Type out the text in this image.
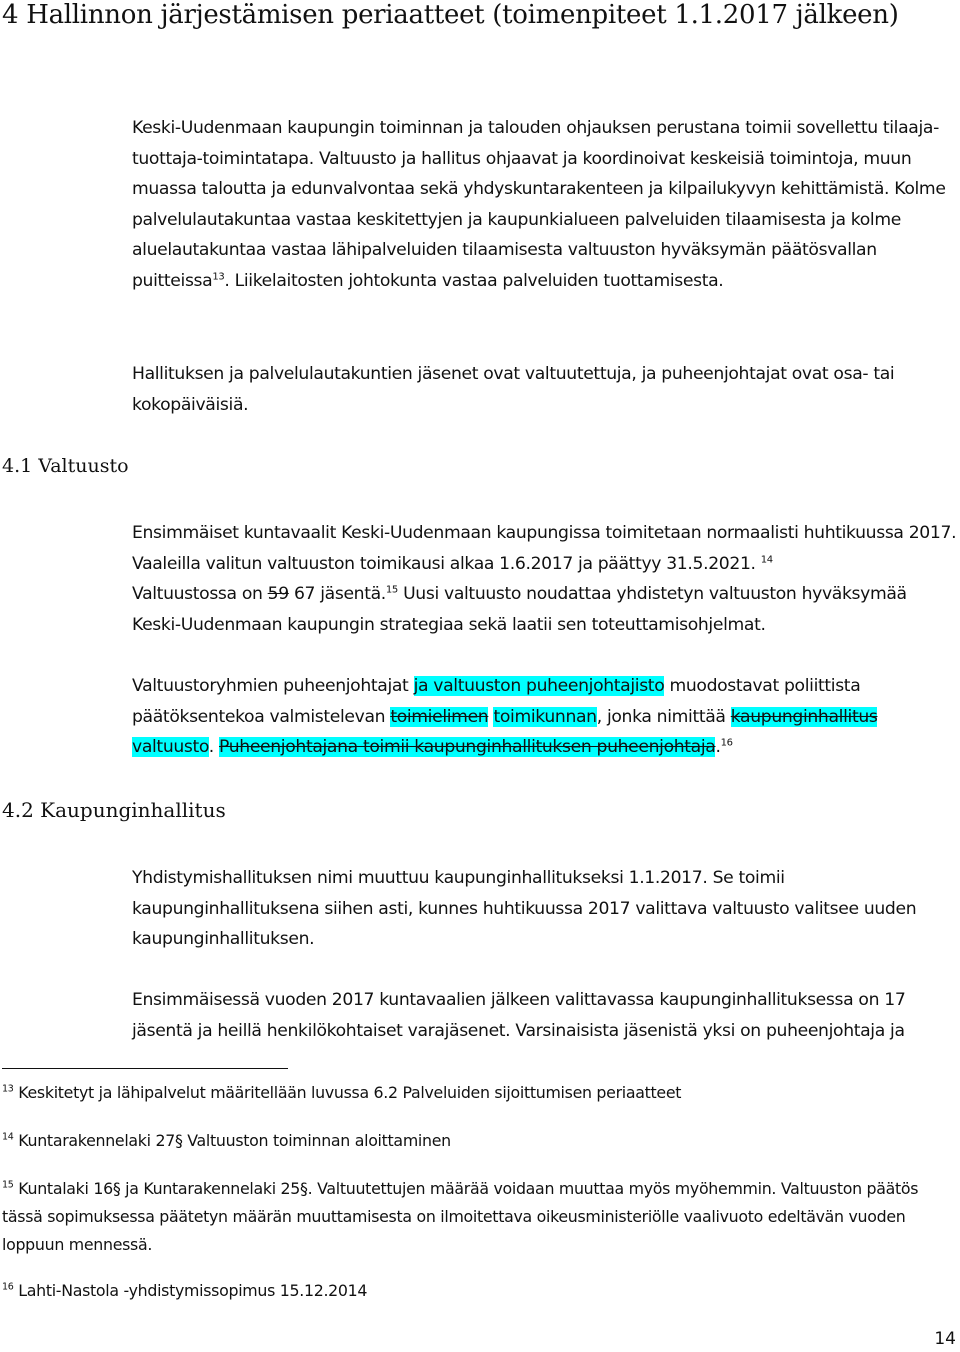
4 Hallinnon järjestämisen periaatteet (toimenpiteet 1.1.2017 jälkeen)

Keski-Uudenmaan kaupungin toiminnan ja talouden ohjauksen perustana toimii sovellettu tilaaja-tuottaja-toimintatapa. Valtuusto ja hallitus ohjaavat ja koordinoivat keskeisiä toimintoja, muun muassa taloutta ja edunvalvontaa sekä yhdyskuntarakenteen ja kilpailukyvyn kehittämistä. Kolme palvelulautakuntaa vastaa keskitettyjen ja kaupunkialueen palveluiden tilaamisesta ja kolme aluelautakuntaa vastaa lähipalveluiden tilaamisesta valtuuston hyväksymän päätösvallan puitteissa$^{13}$. Liikelaitosten johtokunta vastaa palveluiden tuottamisesta.

Hallituksen ja palvelulautakuntien jäsenet ovat valtuutettuja, ja puheenjohtajat ovat osa- tai kokopäiväisiä.

4.1 Valtuusto

Ensimmäiset kuntavaalit Keski-Uudenmaan kaupungissa toimitetaan normaalisti huhtikuussa 2017. Vaaleilla valitun valtuuston toimikausi alkaa 1.6.2017 ja päättyy 31.5.2021. $^{14}$
Valtuustossa on 59 67 jäsentä.$^{15}$ Uusi valtuusto noudattaa yhdistetyn valtuuston hyväksymää Keski-Uudenmaan kaupungin strategiaa sekä laatii sen toteuttamisohjelmat.

Valtuustoryhmien puheenjohtajat ja valtuuston puheenjohtajisto muodostavat poliittista päätöksentekoa valmistelevan toimielimen toimikunnan, jonka nimittää kaupunginhallitus valtuusto. Puheenjohtajana toimii kaupunginhallituksen puheenjohtaja.$^{16}$

4.2 Kaupunginhallitus

Yhdistymishallituksen nimi muuttuu kaupunginhallitukseksi 1.1.2017. Se toimii kaupunginhallituksena siihen asti, kunnes huhtikuussa 2017 valittava valtuusto valitsee uuden kaupunginhallituksen.

Ensimmäisessä vuoden 2017 kuntavaalien jälkeen valittavassa kaupunginhallituksessa on 17 jäsentä ja heillä henkilökohtaiset varajäsenet. Varsinaisista jäsenistä yksi on puheenjohtaja ja

$^{13}$ Keskitetyt ja lähipalvelut määritellään luvussa 6.2 Palveluiden sijoittumisen periaatteet

$^{14}$ Kuntarakennelaki 27§ Valtuuston toiminnan aloittaminen

$^{15}$ Kuntalaki 16§ ja Kuntarakennelaki 25§. Valtuutettujen määrää voidaan muuttaa myös myöhemmin. Valtuuston päätös tässä sopimuksessa päätetyn määrän muuttamisesta on ilmoitettava oikeusministeriölle vaalivuoto edeltävän vuoden loppuun mennessä.

$^{16}$ Lahti-Nastola -yhdistymissopimus 15.12.2014

14
